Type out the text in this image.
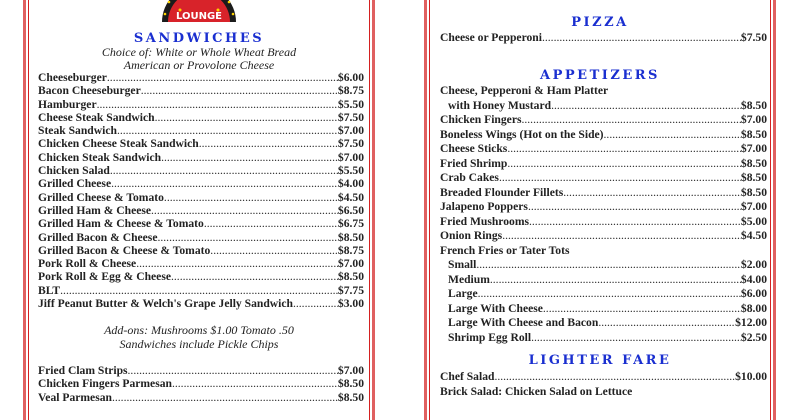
LOUNGE
SANDWICHES
Choice of: White or Whole Wheat Bread
American or Provolone Cheese
Cheeseburger .....	$6.00
Bacon Cheeseburger .....	$8.75
Hamburger .....	$5.50
Cheese Steak Sandwich .....	$7.50
Steak Sandwich .....	$7.00
Chicken Cheese Steak Sandwich .....	$7.50
Chicken Steak Sandwich .....	$7.00
Chicken Salad .....	$5.50
Grilled Cheese .....	$4.00
Grilled Cheese & Tomato .....	$4.50
Grilled Ham & Cheese .....	$6.50
Grilled Ham & Cheese & Tomato .....	$6.75
Grilled Bacon & Cheese .....	$8.50
Grilled Bacon & Cheese & Tomato .....	$8.75
Pork Roll & Cheese .....	$7.00
Pork Roll & Egg & Cheese .....	$8.50
BLT .....	$7.75
Jiff Peanut Butter & Welch's Grape Jelly Sandwich .....	$3.00
Add-ons: Mushrooms $1.00 Tomato .50
Sandwiches include Pickle Chips
Fried Clam Strips .....	$7.00
Chicken Fingers Parmesan .....	$8.50
Veal Parmesan .....	$8.50
PIZZA
Cheese or Pepperoni .....	$7.50
APPETIZERS
Cheese, Pepperoni & Ham Platter
with Honey Mustard .....	$8.50
Chicken Fingers .....	$7.00
Boneless Wings (Hot on the Side) .....	$8.50
Cheese Sticks .....	$7.00
Fried Shrimp .....	$8.50
Crab Cakes .....	$8.50
Breaded Flounder Fillets .....	$8.50
Jalapeno Poppers .....	$7.00
Fried Mushrooms .....	$5.00
Onion Rings .....	$4.50
French Fries or Tater Tots
Small .....	$2.00
Medium .....	$4.00
Large .....	$6.00
Large With Cheese .....	$8.00
Large With Cheese and Bacon .....	$12.00
Shrimp Egg Roll .....	$2.50
LIGHTER FARE
Chef Salad .....	$10.00
Brick Salad: Chicken Salad on Lettuce
